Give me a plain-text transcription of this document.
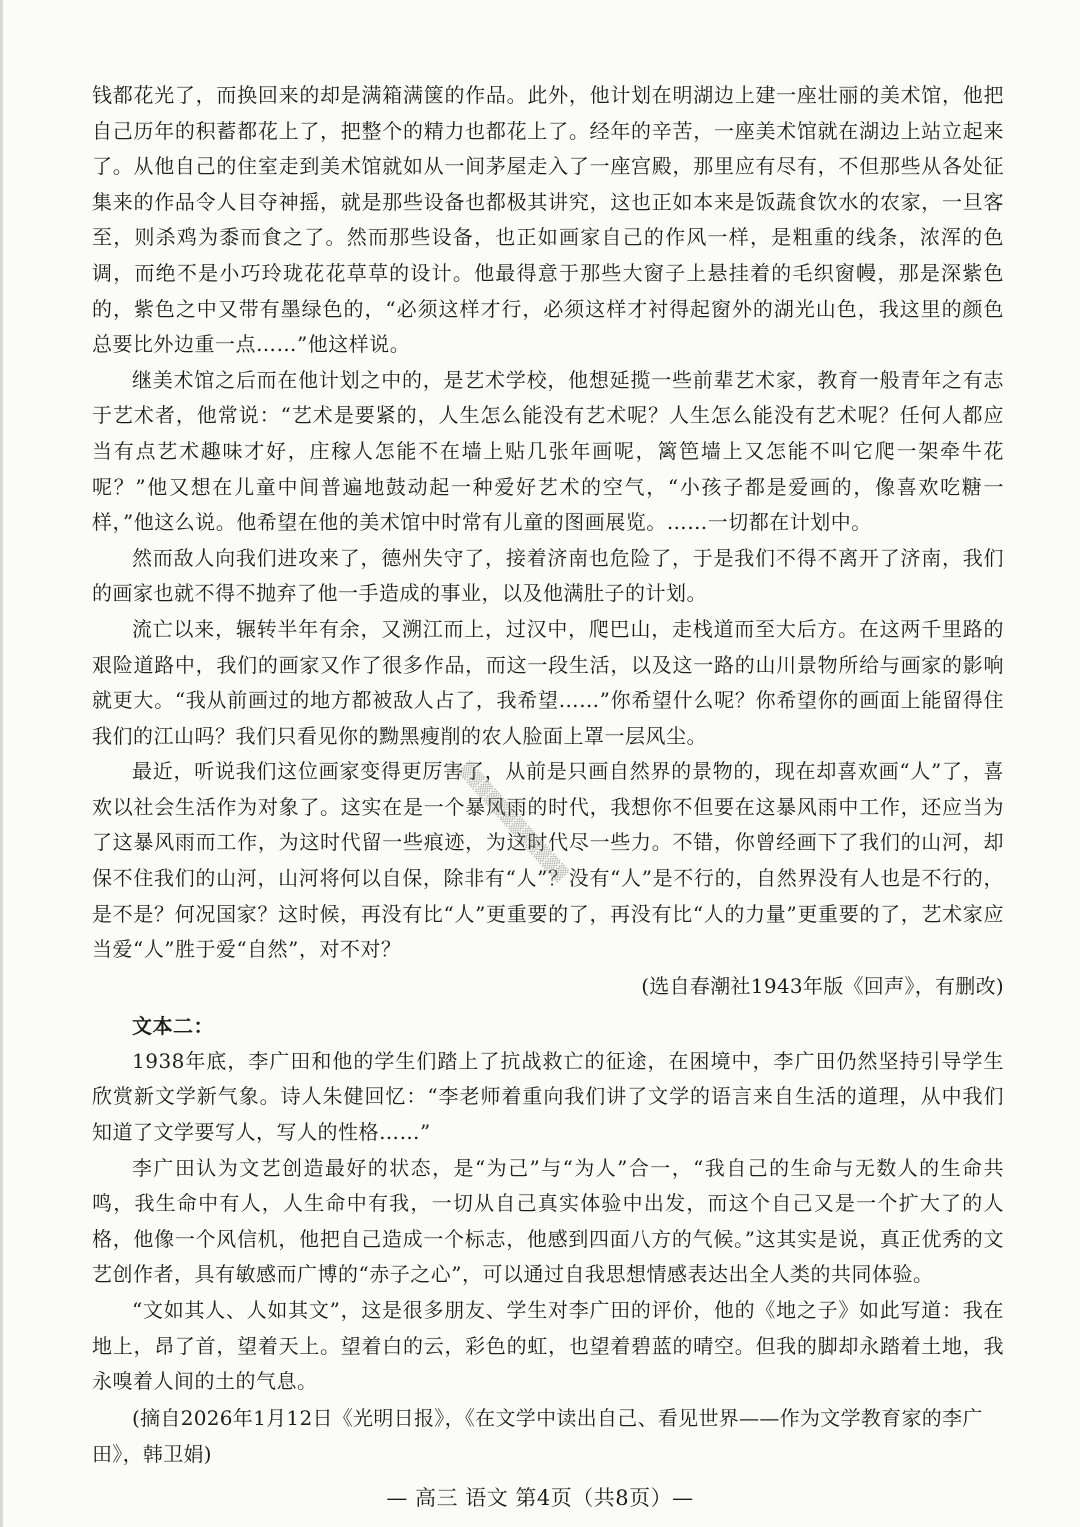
钱都花光了，而换回来的却是满箱满箧的作品。此外，他计划在明湖边上建一座壮丽的美术馆，他把自己历年的积蓄都花上了，把整个的精力也都花上了。经年的辛苦，一座美术馆就在湖边上站立起来了。从他自己的住室走到美术馆就如从一间茅屋走入了一座宫殿，那里应有尽有，不但那些从各处征集来的作品令人目夺神摇，就是那些设备也都极其讲究，这也正如本来是饭蔬食饮水的农家，一旦客至，则杀鸡为黍而食之了。然而那些设备，也正如画家自己的作风一样，是粗重的线条，浓浑的色调，而绝不是小巧玲珑花花草草的设计。他最得意于那些大窗子上悬挂着的毛织窗幔，那是深紫色的，紫色之中又带有墨绿色的，“必须这样才行，必须这样才衬得起窗外的湖光山色，我这里的颜色总要比外边重一点……”他这样说。

继美术馆之后而在他计划之中的，是艺术学校，他想延揽一些前辈艺术家，教育一般青年之有志于艺术者，他常说：“艺术是要紧的，人生怎么能没有艺术呢？人生怎么能没有艺术呢？任何人都应当有点艺术趣味才好，庄稼人怎能不在墙上贴几张年画呢，篱笆墙上又怎能不叫它爬一架牵牛花呢？”他又想在儿童中间普遍地鼓动起一种爱好艺术的空气，“小孩子都是爱画的，像喜欢吃糖一样，”他这么说。他希望在他的美术馆中时常有儿童的图画展览。……一切都在计划中。

然而敌人向我们进攻来了，德州失守了，接着济南也危险了，于是我们不得不离开了济南，我们的画家也就不得不抛弃了他一手造成的事业，以及他满肚子的计划。

流亡以来，辗转半年有余，又溯江而上，过汉中，爬巴山，走栈道而至大后方。在这两千里路的艰险道路中，我们的画家又作了很多作品，而这一段生活，以及这一路的山川景物所给与画家的影响就更大。“我从前画过的地方都被敌人占了，我希望……”你希望什么呢？你希望你的画面上能留得住我们的江山吗？我们只看见你的黝黑瘦削的农人脸面上罩一层风尘。

最近，听说我们这位画家变得更厉害了，从前是只画自然界的景物的，现在却喜欢画“人”了，喜欢以社会生活作为对象了。这实在是一个暴风雨的时代，我想你不但要在这暴风雨中工作，还应当为了这暴风雨而工作，为这时代留一些痕迹，为这时代尽一些力。不错，你曾经画下了我们的山河，却保不住我们的山河，山河将何以自保，除非有“人”？没有“人”是不行的，自然界没有人也是不行的，是不是？何况国家？这时候，再没有比“人”更重要的了，再没有比“人的力量”更重要的了，艺术家应当爱“人”胜于爱“自然”，对不对？

(选自春潮社1943年版《回声》，有删改)

文本二：

1938年底，李广田和他的学生们踏上了抗战救亡的征途，在困境中，李广田仍然坚持引导学生欣赏新文学新气象。诗人朱健回忆：“李老师着重向我们讲了文学的语言来自生活的道理，从中我们知道了文学要写人，写人的性格……”

李广田认为文艺创造最好的状态，是“为己”与“为人”合一，“我自己的生命与无数人的生命共鸣，我生命中有人，人生命中有我，一切从自己真实体验中出发，而这个自己又是一个扩大了的人格，他像一个风信机，他把自己造成一个标志，他感到四面八方的气候。”这其实是说，真正优秀的文艺创作者，具有敏感而广博的“赤子之心”，可以通过自我思想情感表达出全人类的共同体验。

“文如其人、人如其文”，这是很多朋友、学生对李广田的评价，他的《地之子》如此写道：我在地上，昂了首，望着天上。望着白的云，彩色的虹，也望着碧蓝的晴空。但我的脚却永踏着土地，我永嗅着人间的土的气息。

(摘自2026年1月12日《光明日报》，《在文学中读出自己、看见世界——作为文学教育家的李广田》，韩卫娟)

▒▒▒▒▒▒▒▒▒▒▒▒
— 高三 语文 第4页（共8页）—
